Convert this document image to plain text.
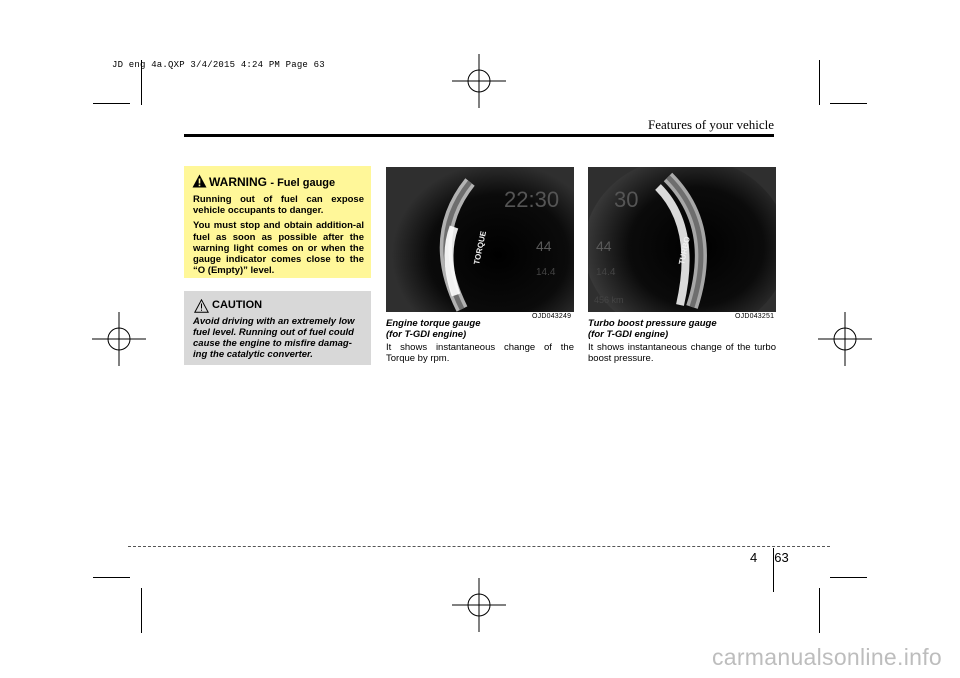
JD eng 4a.QXP 3/4/2015 4:24 PM Page 63
Features of your vehicle
WARNING - Fuel gauge

Running out of fuel can expose vehicle occupants to danger.

You must stop and obtain addition-al fuel as soon as possible after the warning light comes on or when the gauge indicator comes close to the “O (Empty)” level.

CAUTION

Avoid driving with an extremely low fuel level. Running out of fuel could cause the engine to misfire damag-ing the catalytic converter.

TORQUE
22:30
44
14.4
OJD043249
Engine torque gauge
(for T-GDI engine)
It shows instantaneous change of the Torque by rpm.
TURBO
30
44
14.4
456 km
OJD043251
Turbo boost pressure gauge
(for T-GDI engine)
It shows instantaneous change of the turbo boost pressure.
4 63
carmanualsonline.info
